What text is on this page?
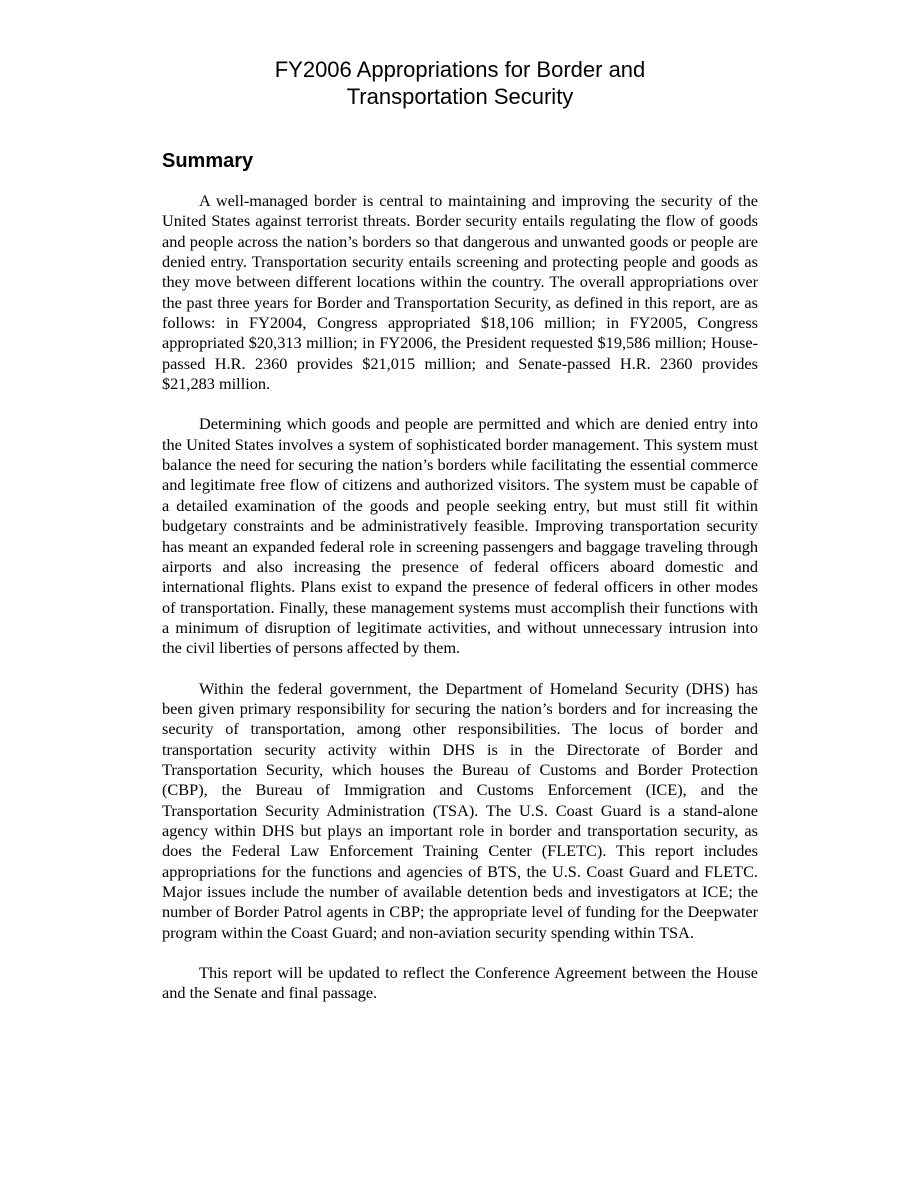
FY2006 Appropriations for Border and
Transportation Security
Summary

A well-managed border is central to maintaining and improving the security of the United States against terrorist threats. Border security entails regulating the flow of goods and people across the nation’s borders so that dangerous and unwanted goods or people are denied entry. Transportation security entails screening and protecting people and goods as they move between different locations within the country. The overall appropriations over the past three years for Border and Transportation Security, as defined in this report, are as follows: in FY2004, Congress appropriated $18,106 million; in FY2005, Congress appropriated $20,313 million; in FY2006, the President requested $19,586 million; House-passed H.R. 2360 provides $21,015 million; and Senate-passed H.R. 2360 provides $21,283 million.

Determining which goods and people are permitted and which are denied entry into the United States involves a system of sophisticated border management. This system must balance the need for securing the nation’s borders while facilitating the essential commerce and legitimate free flow of citizens and authorized visitors. The system must be capable of a detailed examination of the goods and people seeking entry, but must still fit within budgetary constraints and be administratively feasible. Improving transportation security has meant an expanded federal role in screening passengers and baggage traveling through airports and also increasing the presence of federal officers aboard domestic and international flights. Plans exist to expand the presence of federal officers in other modes of transportation. Finally, these management systems must accomplish their functions with a minimum of disruption of legitimate activities, and without unnecessary intrusion into the civil liberties of persons affected by them.

Within the federal government, the Department of Homeland Security (DHS) has been given primary responsibility for securing the nation’s borders and for increasing the security of transportation, among other responsibilities. The locus of border and transportation security activity within DHS is in the Directorate of Border and Transportation Security, which houses the Bureau of Customs and Border Protection (CBP), the Bureau of Immigration and Customs Enforcement (ICE), and the Transportation Security Administration (TSA). The U.S. Coast Guard is a stand-alone agency within DHS but plays an important role in border and transportation security, as does the Federal Law Enforcement Training Center (FLETC). This report includes appropriations for the functions and agencies of BTS, the U.S. Coast Guard and FLETC. Major issues include the number of available detention beds and investigators at ICE; the number of Border Patrol agents in CBP; the appropriate level of funding for the Deepwater program within the Coast Guard; and non-aviation security spending within TSA.

This report will be updated to reflect the Conference Agreement between the House and the Senate and final passage.
